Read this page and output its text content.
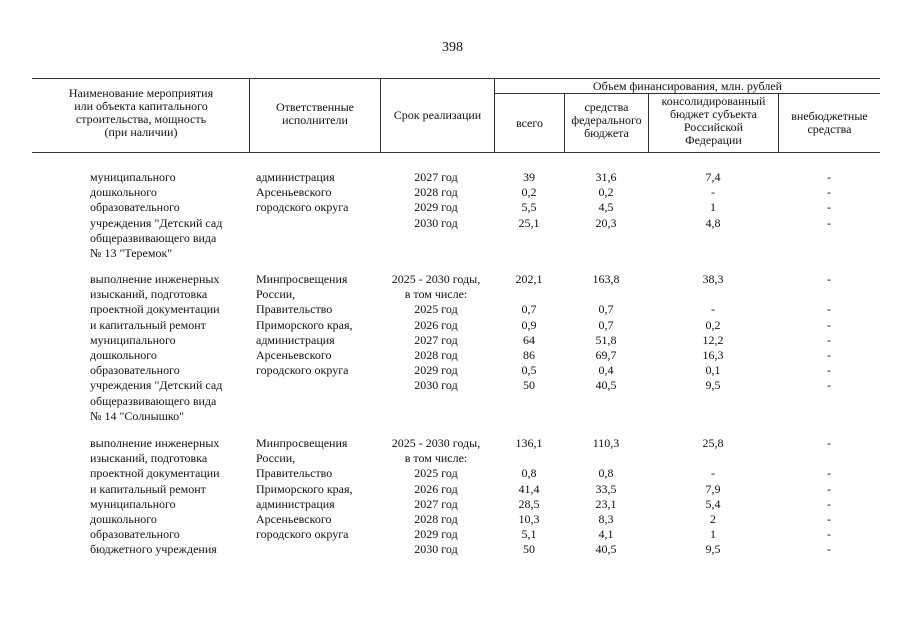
398
Наименование мероприятия
или объекта капитального
строительства, мощность
(при наличии)
Ответственные
исполнители	Срок реализации
Объем финансирования, млн. рублей
всего
средства
федерального
бюджета
консолидированный
бюджет субъекта
Российской
Федерации
внебюджетные
средства
муниципального
дошкольного
образовательного
учреждения "Детский сад
общеразвивающего вида
№ 13 "Теремок"
администрация
Арсеньевского
городского округа
2027 год
2028 год
2029 год
2030 год
39
0,2
5,5
25,1
31,6
0,2
4,5
20,3
7,4
-
1
4,8
-
-
-
-
выполнение инженерных
изысканий, подготовка
проектной документации
и капитальный ремонт
муниципального
дошкольного
образовательного
учреждения "Детский сад
общеразвивающего вида
№ 14 "Солнышко"
Минпросвещения
России,
Правительство
Приморского края,
администрация
Арсеньевского
городского округа
2025 - 2030 годы,
в том числе:
2025 год
2026 год
2027 год
2028 год
2029 год
2030 год
202,1

0,7
0,9
64
86
0,5
50
163,8

0,7
0,7
51,8
69,7
0,4
40,5
38,3

-
0,2
12,2
16,3
0,1
9,5
-

-
-
-
-
-
-
выполнение инженерных
изысканий, подготовка
проектной документации
и капитальный ремонт
муниципального
дошкольного
образовательного
бюджетного учреждения
Минпросвещения
России,
Правительство
Приморского края,
администрация
Арсеньевского
городского округа
2025 - 2030 годы,
в том числе:
2025 год
2026 год
2027 год
2028 год
2029 год
2030 год
136,1

0,8
41,4
28,5
10,3
5,1
50
110,3

0,8
33,5
23,1
8,3
4,1
40,5
25,8

-
7,9
5,4
2
1
9,5
-

-
-
-
-
-
-
